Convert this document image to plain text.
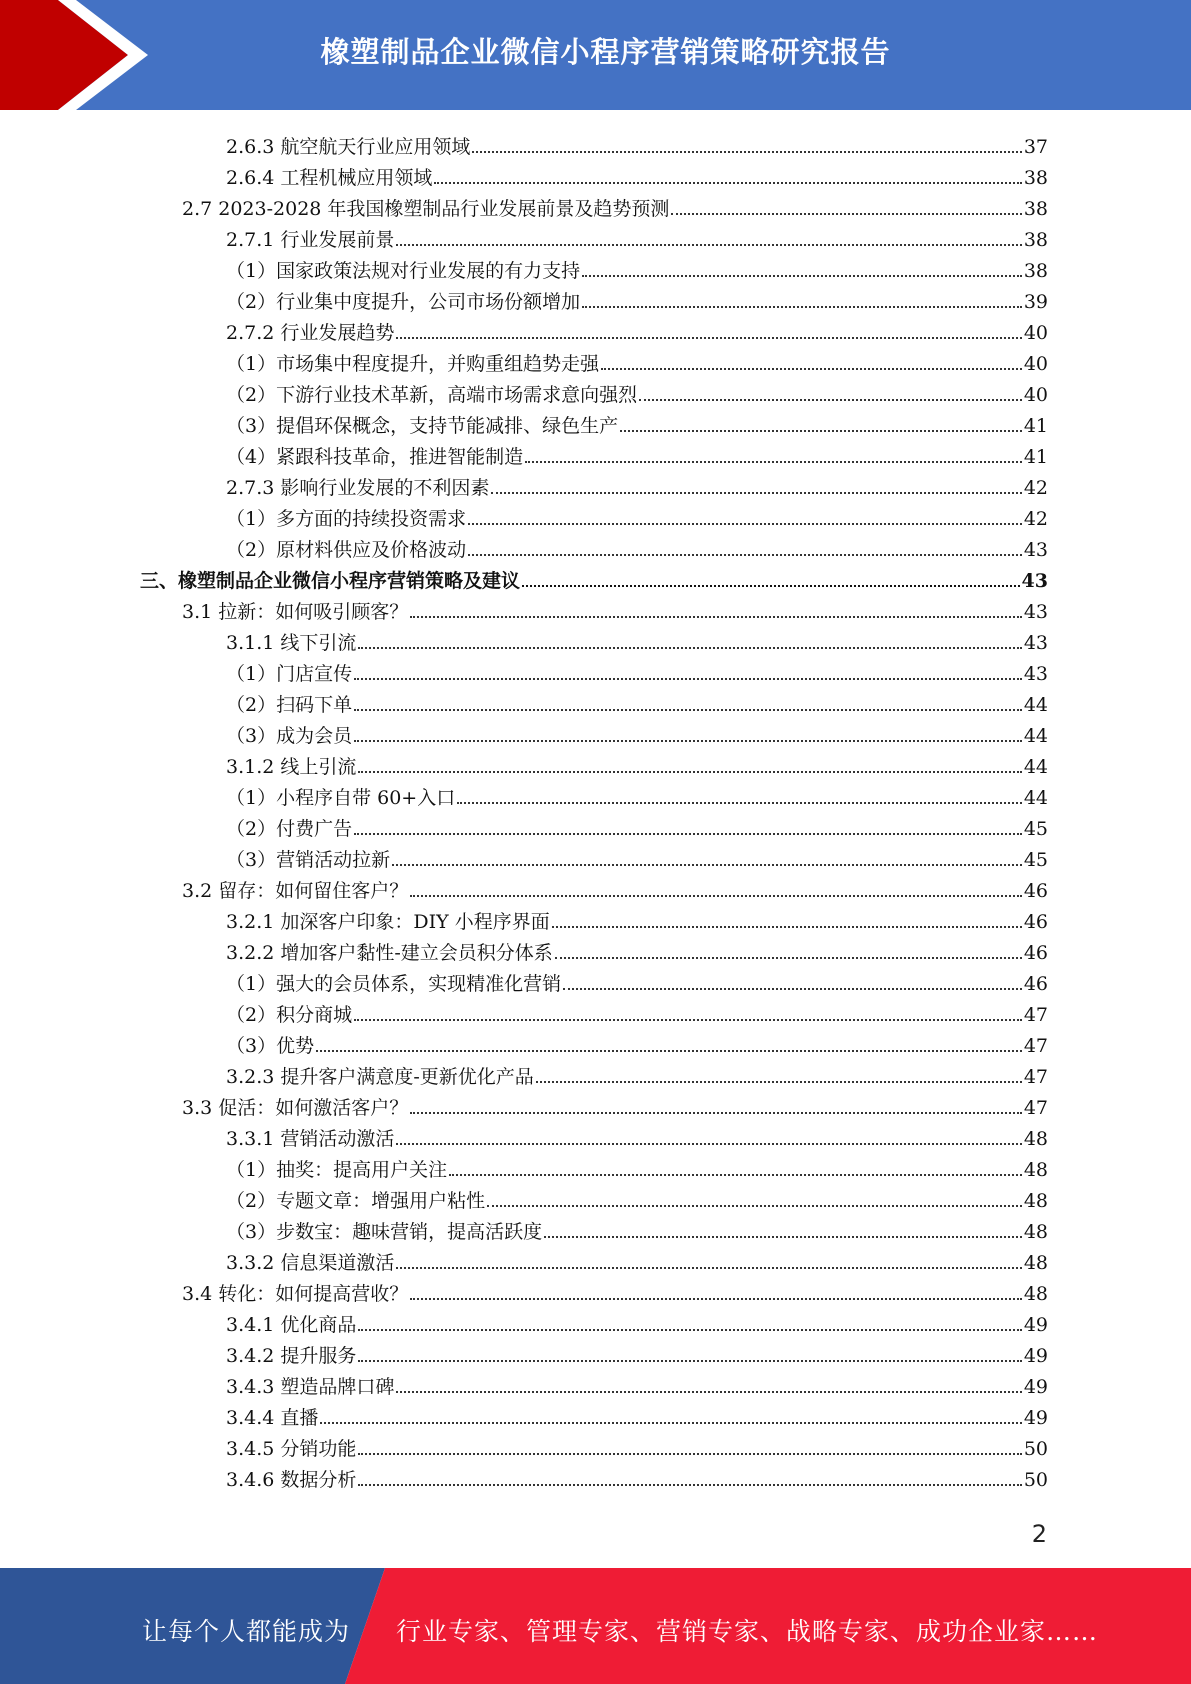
橡塑制品企业微信小程序营销策略研究报告
2.6.3 航空航天行业应用领域	37
2.6.4 工程机械应用领域	38
2.7 2023-2028 年我国橡塑制品行业发展前景及趋势预测	38
2.7.1 行业发展前景	38
（1）国家政策法规对行业发展的有力支持	38
（2）行业集中度提升，公司市场份额增加	39
2.7.2 行业发展趋势	40
（1）市场集中程度提升，并购重组趋势走强	40
（2）下游行业技术革新，高端市场需求意向强烈	40
（3）提倡环保概念，支持节能减排、绿色生产	41
（4）紧跟科技革命，推进智能制造	41
2.7.3 影响行业发展的不利因素	42
（1）多方面的持续投资需求	42
（2）原材料供应及价格波动	43
三、橡塑制品企业微信小程序营销策略及建议	43
3.1 拉新：如何吸引顾客？	43
3.1.1 线下引流	43
（1）门店宣传	43
（2）扫码下单	44
（3）成为会员	44
3.1.2 线上引流	44
（1）小程序自带 60+入口	44
（2）付费广告	45
（3）营销活动拉新	45
3.2 留存：如何留住客户？	46
3.2.1 加深客户印象：DIY 小程序界面	46
3.2.2 增加客户黏性-建立会员积分体系	46
（1）强大的会员体系，实现精准化营销	46
（2）积分商城	47
（3）优势	47
3.2.3 提升客户满意度-更新优化产品	47
3.3 促活：如何激活客户？	47
3.3.1 营销活动激活	48
（1）抽奖：提高用户关注	48
（2）专题文章：增强用户粘性	48
（3）步数宝：趣味营销，提高活跃度	48
3.3.2 信息渠道激活	48
3.4 转化：如何提高营收？	48
3.4.1 优化商品	49
3.4.2 提升服务	49
3.4.3 塑造品牌口碑	49
3.4.4 直播	49
3.4.5 分销功能	50
3.4.6 数据分析	50
2
让每个人都能成为 行业专家、管理专家、营销专家、战略专家、成功企业家……
